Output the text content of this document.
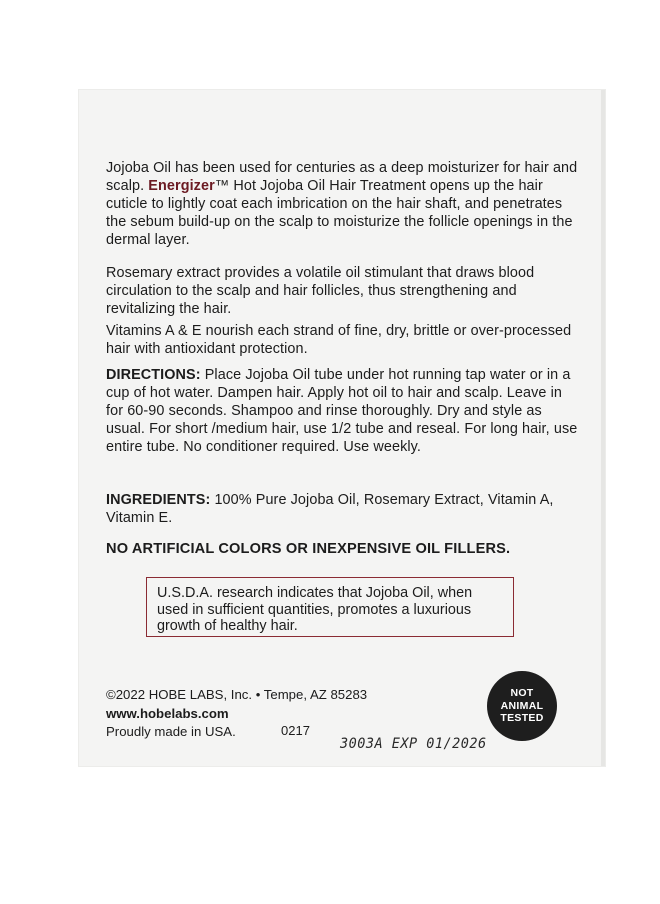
Jojoba Oil has been used for centuries as a deep moisturizer for hair and scalp. Energizer™ Hot Jojoba Oil Hair Treatment opens up the hair cuticle to lightly coat each imbrication on the hair shaft, and penetrates the sebum build-up on the scalp to moisturize the follicle openings in the dermal layer.
Rosemary extract provides a volatile oil stimulant that draws blood circulation to the scalp and hair follicles, thus strengthening and revitalizing the hair.
Vitamins A & E nourish each strand of fine, dry, brittle or over-processed hair with antioxidant protection.
DIRECTIONS: Place Jojoba Oil tube under hot running tap water or in a cup of hot water. Dampen hair. Apply hot oil to hair and scalp. Leave in for 60-90 seconds. Shampoo and rinse thoroughly. Dry and style as usual. For short /medium hair, use 1/2 tube and reseal. For long hair, use entire tube. No conditioner required. Use weekly.
INGREDIENTS: 100% Pure Jojoba Oil, Rosemary Extract, Vitamin A, Vitamin E.
NO ARTIFICIAL COLORS OR INEXPENSIVE OIL FILLERS.
U.S.D.A. research indicates that Jojoba Oil, when used in sufficient quantities, promotes a luxurious growth of healthy hair.
©2022 HOBE LABS, Inc. • Tempe, AZ 85283
www.hobelabs.com
Proudly made in USA.	0217
3003A EXP 01/2026
NOT
ANIMAL
TESTED
